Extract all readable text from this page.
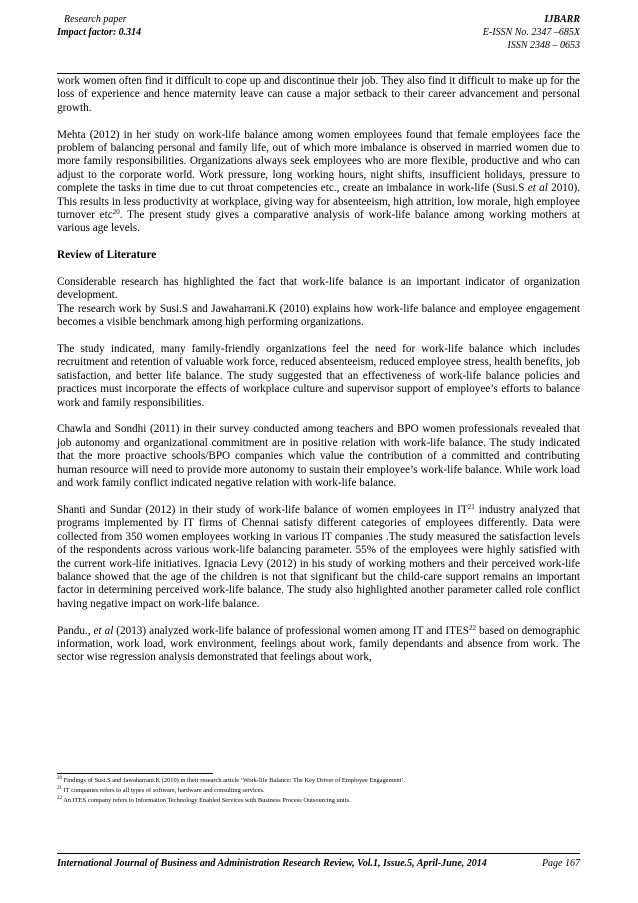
Research paper
Impact factor: 0.314
IJBARR
E-ISSN No. 2347 –685X
ISSN 2348 – 0653

work women often find it difficult to cope up and discontinue their job. They also find it difficult to make up for the loss of experience and hence maternity leave can cause a major setback to their career advancement and personal growth.

Mehta (2012) in her study on work-life balance among women employees found that female employees face the problem of balancing personal and family life, out of which more imbalance is observed in married women due to more family responsibilities. Organizations always seek employees who are more flexible, productive and who can adjust to the corporate world. Work pressure, long working hours, night shifts, insufficient holidays, pressure to complete the tasks in time due to cut throat competencies etc., create an imbalance in work-life (Susi.S et al 2010). This results in less productivity at workplace, giving way for absenteeism, high attrition, low morale, high employee turnover etc$^{20}$. The present study gives a comparative analysis of work-life balance among working mothers at various age levels.

Review of Literature

Considerable research has highlighted the fact that work-life balance is an important indicator of organization development.

The research work by Susi.S and Jawaharrani.K (2010) explains how work-life balance and employee engagement becomes a visible benchmark among high performing organizations.

The study indicated, many family-friendly organizations feel the need for work-life balance which includes recruitment and retention of valuable work force, reduced absenteeism, reduced employee stress, health benefits, job satisfaction, and better life balance. The study suggested that an effectiveness of work-life balance policies and practices must incorporate the effects of workplace culture and supervisor support of employee’s efforts to balance work and family responsibilities.

Chawla and Sondhi (2011) in their survey conducted among teachers and BPO women professionals revealed that job autonomy and organizational commitment are in positive relation with work-life balance. The study indicated that the more proactive schools/BPO companies which value the contribution of a committed and contributing human resource will need to provide more autonomy to sustain their employee’s work-life balance. While work load and work family conflict indicated negative relation with work-life balance.

Shanti and Sundar (2012) in their study of work-life balance of women employees in IT$^{21}$ industry analyzed that programs implemented by IT firms of Chennai satisfy different categories of employees differently. Data were collected from 350 women employees working in various IT companies .The study measured the satisfaction levels of the respondents across various work-life balancing parameter. 55% of the employees were highly satisfied with the current work-life initiatives. Ignacia Levy (2012) in his study of working mothers and their perceived work-life balance showed that the age of the children is not that significant but the child-care support remains an important factor in determining perceived work-life balance. The study also highlighted another parameter called role conflict having negative impact on work-life balance.

Pandu., et al (2013) analyzed work-life balance of professional women among IT and ITES$^{22}$ based on demographic information, work load, work environment, feelings about work, family dependants and absence from work. The sector wise regression analysis demonstrated that feelings about work,

$^{20}$ Findings of Susi.S and Jawaharrani.K (2010) in their research article ‘Work-life Balance: The Key Driver of Employee Engagement’.
$^{21}$ IT companies refers to all types of software, hardware and consulting services.
$^{22}$ An ITES company refers to Information Technology Enabled Services with Business Process Outsourcing units.
International Journal of Business and Administration Research Review, Vol.1, Issue.5, April-June, 2014	Page 167
